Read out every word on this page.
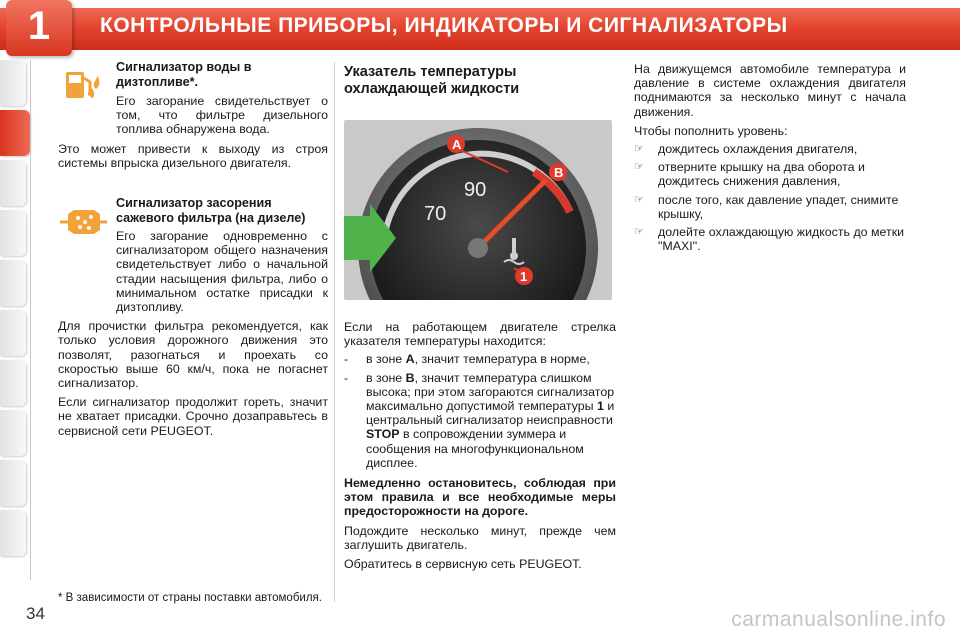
1	КОНТРОЛЬНЫЕ ПРИБОРЫ, ИНДИКАТОРЫ И СИГНАЛИЗАТОРЫ
Сигнализатор воды в дизтопливе*.

Его загорание свидетельствует о том, что фильтре дизельного топлива обнаружена вода.

Это может привести к выходу из строя системы впрыска дизельного двигателя.

Сигнализатор засорения сажевого фильтра (на дизеле)

Его загорание одновременно с сигнализатором общего назначения свидетельствует либо о начальной стадии насыщения фильтра, либо о минимальном остатке присадки к дизтопливу.

Для прочистки фильтра рекомендуется, как только условия дорожного движения это позволят, разогнаться и проехать со скоростью выше 60 км/ч, пока не погаснет сигнализатор.

Если сигнализатор продолжит гореть, значит не хватает присадки. Срочно дозаправьтесь в сервисной сети PEUGEOT.

* В зависимости от страны поставки автомобиля.
Указатель температуры охлаждающей жидкости
70
90
A
B
1

Если на работающем двигателе стрелка указателя температуры находится:

-	в зоне A, значит температура в норме,
-	в зоне B, значит температура слишком высока; при этом загораются сигнализатор максимально допустимой температуры 1 и центральный сигнализатор неисправности STOP в сопровождении зуммера и сообщения на многофункциональном дисплее.

Немедленно остановитесь, соблюдая при этом правила и все необходимые меры предосторожности на дороге.

Подождите несколько минут, прежде чем заглушить двигатель.

Обратитесь в сервисную сеть PEUGEOT.

На движущемся автомобиле температура и давление в системе охлаждения двигателя поднимаются за несколько минут с начала движения.

Чтобы пополнить уровень:

☞	дождитесь охлаждения двигателя,
☞	отверните крышку на два оборота и дождитесь снижения давления,
☞	после того, как давление упадет, снимите крышку,
☞	долейте охлаждающую жидкость до метки "MAXI".
34	carmanualsonline.info
